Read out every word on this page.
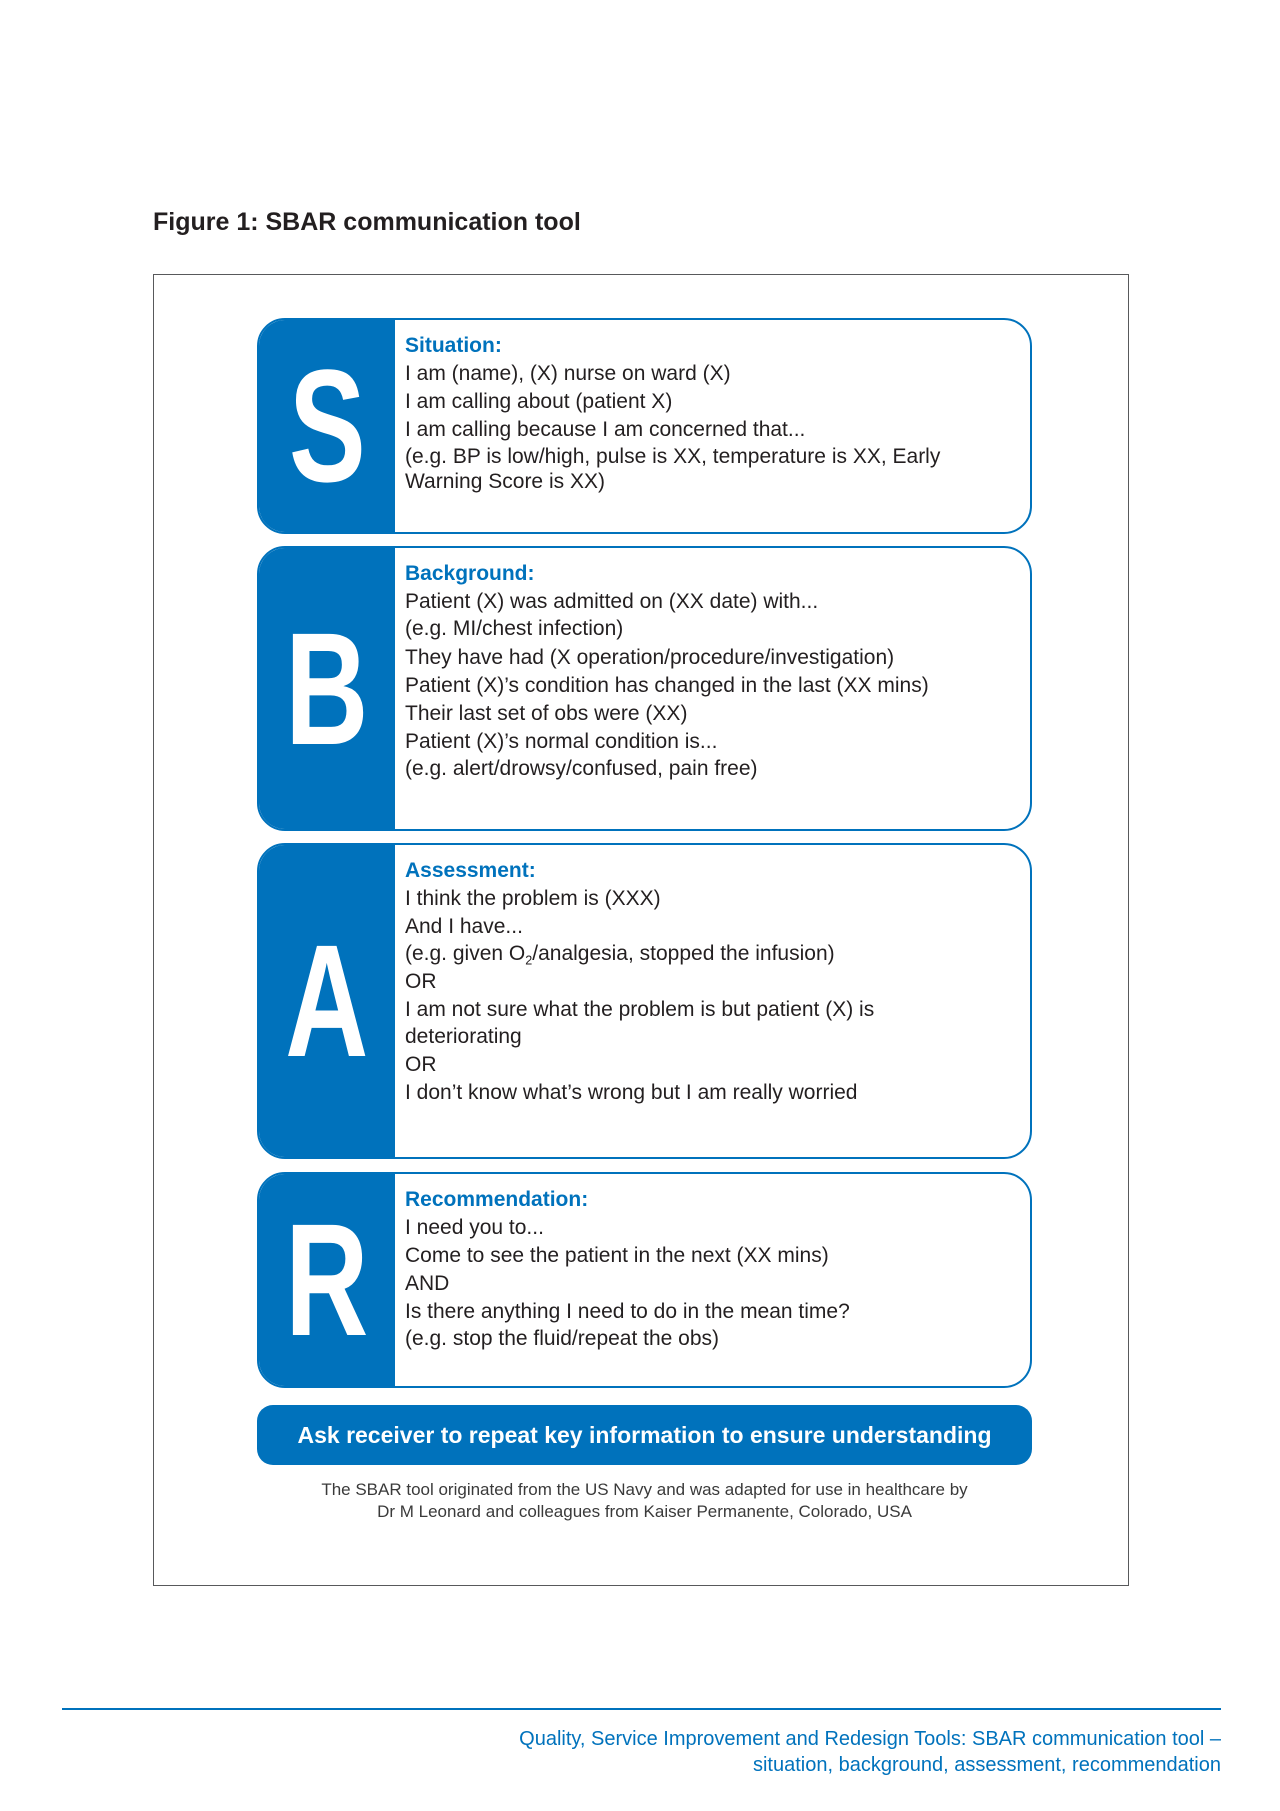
Figure 1: SBAR communication tool
S Situation:
I am (name), (X) nurse on ward (X)
I am calling about (patient X)
I am calling because I am concerned that...
(e.g. BP is low/high, pulse is XX, temperature is XX, Early
Warning Score is XX)
B
Background:
Patient (X) was admitted on (XX date) with...
(e.g. MI/chest infection)
They have had (X operation/procedure/investigation)
Patient (X)’s condition has changed in the last (XX mins)
Their last set of obs were (XX)
Patient (X)’s normal condition is...
(e.g. alert/drowsy/confused, pain free)
A
Assessment:
I think the problem is (XXX)
And I have...
(e.g. given $O_2$/analgesia, stopped the infusion)
OR
I am not sure what the problem is but patient (X) is
deteriorating
OR
I don’t know what’s wrong but I am really worried
R Recommendation:
I need you to...
Come to see the patient in the next (XX mins)
AND
Is there anything I need to do in the mean time?
(e.g. stop the fluid/repeat the obs)
Ask receiver to repeat key information to ensure understanding
The SBAR tool originated from the US Navy and was adapted for use in healthcare by
Dr M Leonard and colleagues from Kaiser Permanente, Colorado, USA
Quality, Service Improvement and Redesign Tools: SBAR communication tool –
situation, background, assessment, recommendation
